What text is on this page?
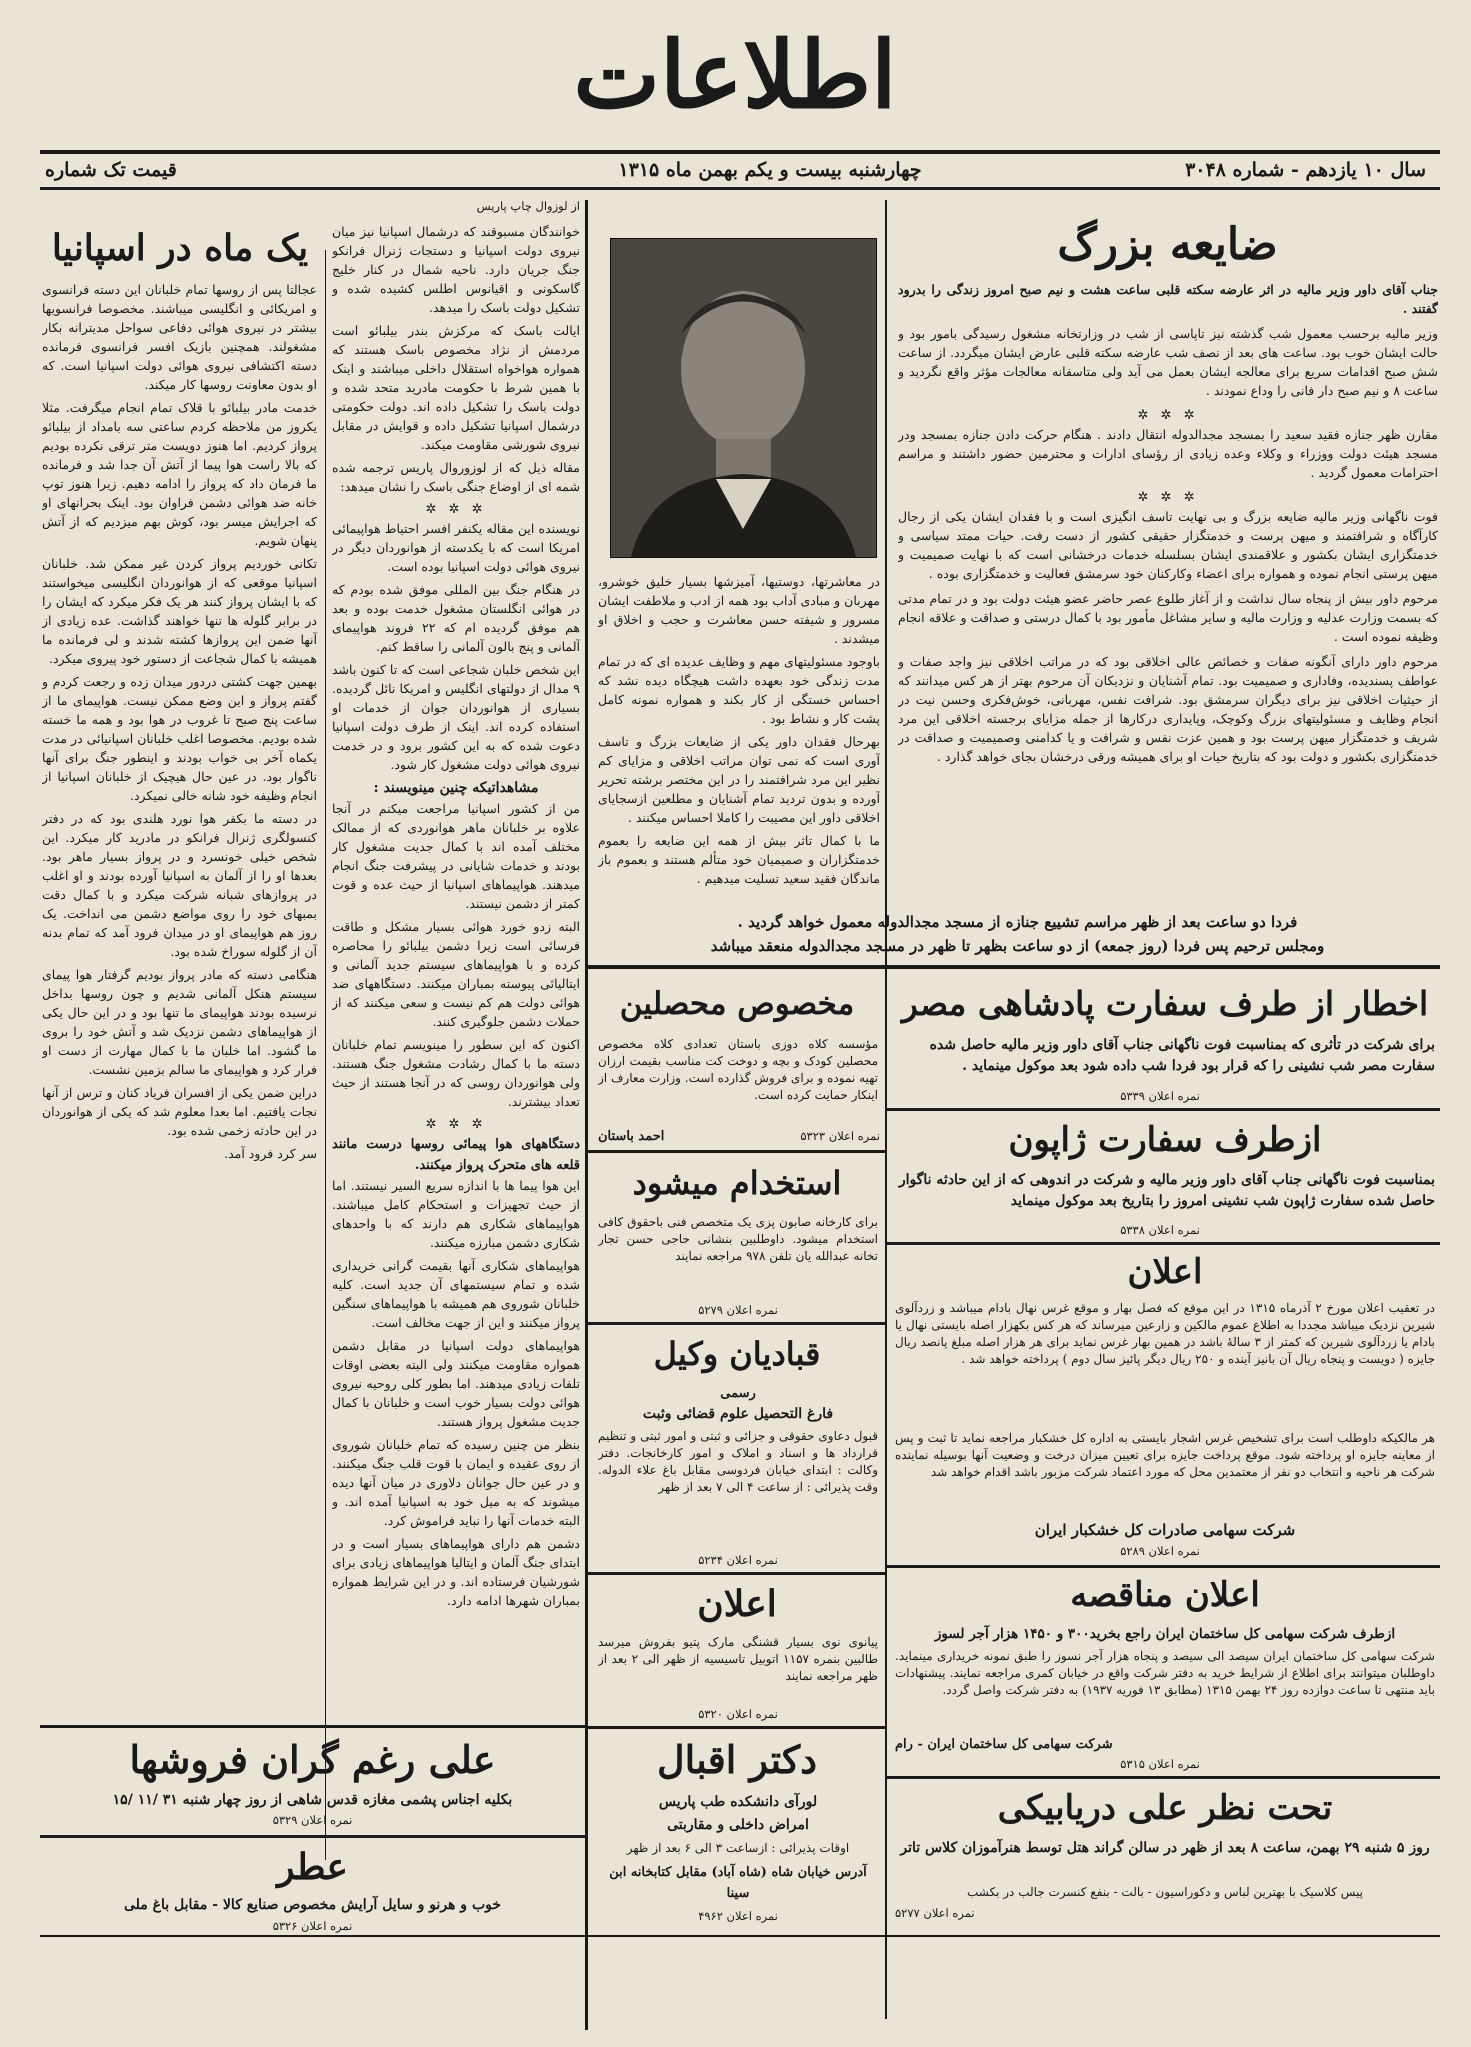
اطلاعات
سال ۱۰ یازدهم - شماره ۳۰۴۸
چهارشنبه بیست و یکم بهمن ماه ۱۳۱۵
قیمت تک شماره
از لوزوال چاپ پاریس
یک ماه در اسپانیا

عجالتا پس از روسها تمام خلبانان این دسته فرانسوی و امریکائی و انگلیسی میباشند. مخصوصا فرانسویها بیشتر در نیروی هوائی دفاعی سواحل مدیترانه بکار مشغولند. همچنین بازیک افسر فرانسوی فرمانده دسته اکتشافی نیروی هوائی دولت اسپانیا است. که او بدون معاونت روسها کار میکند.

خدمت مادر بیلبائو با قلاک تمام انجام میگرفت. مثلا یکروز من ملاحظه کردم ساعتی سه بامداد از بیلبائو پرواز کردیم. اما هنوز دویست متر ترقی نکرده بودیم که بالا راست هوا پیما از آتش آن جدا شد و فرمانده ما فرمان داد که پرواز را ادامه دهیم. زیرا هنوز توپ خانه ضد هوائی دشمن فراوان بود. اینک بحرانهای او که اجرایش میسر بود، کوش بهم میزدیم که از آتش پنهان شویم.

تکانی خوردیم پرواز کردن غیر ممکن شد. خلبانان اسپانیا موقعی که از هوانوردان انگلیسی میخواستند که با ایشان پرواز کنند هر یک فکر میکرد که ایشان را در برابر گلوله ها تنها خواهند گذاشت. عده زیادی از آنها ضمن این پروازها کشته شدند و لی فرمانده ما همیشه با کمال شجاعت از دستور خود پیروی میکرد.

بهمین جهت کشتی دردور میدان زده و رجعت کردم و گفتم پرواز و این وضع ممکن نیست. هواپیمای ما از ساعت پنج صبح تا غروب در هوا بود و همه ما خسته شده بودیم. مخصوصا اغلب خلبانان اسپانیائی در مدت یکماه آخر بی خواب بودند و اینطور جنگ برای آنها ناگوار بود. در عین حال هیچیک از خلبانان اسپانیا از انجام وظیفه خود شانه خالی نمیکرد.

در دسته ما بکفر هوا نورد هلندی بود که در دفتر کنسولگری ژنرال فرانکو در مادرید کار میکرد. این شخص خیلی خونسرد و در پرواز بسیار ماهر بود. بعدها او را از آلمان به اسپانیا آورده بودند و او اغلب در پروازهای شبانه شرکت میکرد و با کمال دقت بمبهای خود را روی مواضع دشمن می انداخت. یک روز هم هواپیمای او در میدان فرود آمد که تمام بدنه آن از گلوله سوراخ شده بود.

هنگامی دسته که مادر پرواز بودیم گرفتار هوا پیمای سیستم هنکل آلمانی شدیم و چون روسها بداخل نرسیده بودند هواپیمای ما تنها بود و در این حال یکی از هواپیماهای دشمن نزدیک شد و آتش خود را بروی ما گشود. اما خلبان ما با کمال مهارت از دست او فرار کرد و هواپیمای ما سالم بزمین نشست.

دراین ضمن یکی از افسران فریاد کنان و ترس از آنها نجات یافتیم. اما بعدا معلوم شد که یکی از هوانوردان در این حادثه زخمی شده بود.

سر کرد فرود آمد.

خوانندگان مسبوقند که درشمال اسپانیا نیز میان نیروی دولت اسپانیا و دستجات ژنرال فرانکو جنگ جریان دارد. ناحیه شمال در کنار خلیج گاسکونی و اقیانوس اطلس کشیده شده و تشکیل دولت باسک را میدهد.

ایالت باسک که مرکزش بندر بیلبائو است مردمش از نژاد مخصوص باسک هستند که همواره هواخواه استقلال داخلی میباشند و اینک با همین شرط با حکومت مادرید متحد شده و دولت باسک را تشکیل داده اند. دولت حکومتی درشمال اسپانیا تشکیل داده و قوایش در مقابل نیروی شورشی مقاومت میکند.

مقاله ذیل که از لوزوروال پاریس ترجمه شده شمه ای از اوضاع جنگی باسک را نشان میدهد:

✲ ✲ ✲

نویسنده این مقاله یکنفر افسر احتیاط هواپیمائی امریکا است که با یکدسته از هوانوردان دیگر در نیروی هوائی دولت اسپانیا بوده است.

در هنگام جنگ بین المللی موفق شده بودم که در هوائی انگلستان مشغول خدمت بوده و بعد هم موفق گردیده ام که ۲۲ فروند هواپیمای آلمانی و پنج بالون آلمانی را ساقط کنم.

این شخص خلبان شجاعی است که تا کنون باشد ۹ مدال از دولتهای انگلیس و امریکا نائل گردیده. بسیاری از هوانوردان جوان از خدمات او استفاده کرده اند. اینک از طرف دولت اسپانیا دعوت شده که به این کشور برود و در خدمت نیروی هوائی دولت مشغول کار شود.

مشاهداتیکه چنین مینویسند :

من از کشور اسپانیا مراجعت میکنم در آنجا علاوه بر خلبانان ماهر هوانوردی که از ممالک مختلف آمده اند با کمال جدیت مشغول کار بودند و خدمات شایانی در پیشرفت جنگ انجام میدهند. هواپیماهای اسپانیا از حیث عده و قوت کمتر از دشمن نیستند.

البته زدو خورد هوائی بسیار مشکل و طاقت فرسائی است زیرا دشمن بیلبائو را محاصره کرده و با هواپیماهای سیستم جدید آلمانی و ایتالیائی پیوسته بمباران میکنند. دستگاههای ضد هوائی دولت هم کم نیست و سعی میکنند که از حملات دشمن جلوگیری کنند.

اکنون که این سطور را مینویسم تمام خلبانان دسته ما با کمال رشادت مشغول جنگ هستند. ولی هوانوردان روسی که در آنجا هستند از حیث تعداد بیشترند.

✲ ✲ ✲
دستگاههای هوا پیمائی روسها درست مانند قلعه های متحرک پرواز میکنند.

این هوا پیما ها با اندازه سریع السیر نیستند. اما از حیث تجهیزات و استحکام کامل میباشند. هواپیماهای شکاری هم دارند که با واحدهای شکاری دشمن مبارزه میکنند.

هواپیماهای شکاری آنها بقیمت گرانی خریداری شده و تمام سیستمهای آن جدید است. کلیه خلبانان شوروی هم همیشه با هواپیماهای سنگین پرواز میکنند و این از جهت مخالف است.

هواپیماهای دولت اسپانیا در مقابل دشمن همواره مقاومت میکنند ولی البته بعضی اوقات تلفات زیادی میدهند. اما بطور کلی روحیه نیروی هوائی دولت بسیار خوب است و خلبانان با کمال جدیت مشغول پرواز هستند.

بنظر من چنین رسیده که تمام خلبانان شوروی از روی عقیده و ایمان با قوت قلب جنگ میکنند. و در عین حال جوانان دلاوری در میان آنها دیده میشوند که به میل خود به اسپانیا آمده اند. و البته خدمات آنها را نباید فراموش کرد.

دشمن هم دارای هواپیماهای بسیار است و در ابتدای جنگ آلمان و ایتالیا هواپیماهای زیادی برای شورشیان فرستاده اند. و در این شرایط همواره بمباران شهرها ادامه دارد.

علی رغم گران فروشها
بکلیه اجناس پشمی مغازه قدس شاهی از روز چهار شنبه ۳۱ /۱۱ /۱۵
نمره اعلان ۵۳۲۹
عطر
خوب و هرنو و سایل آرایش مخصوص صنایع کالا - مقابل باغ ملی
نمره اعلان ۵۳۲۶

در معاشرتها، دوستیها، آمیزشها بسیار خلیق خوشرو، مهربان و مبادی آداب بود همه از ادب و ملاطفت ایشان مسرور و شیفته حسن معاشرت و حجب و اخلاق او میشدند .

باوجود مسئولیتهای مهم و وظایف عدیده ای که در تمام مدت زندگی خود بعهده داشت هیچگاه دیده نشد که احساس خستگی از کار بکند و همواره نمونه کامل پشت کار و نشاط بود .

بهرحال فقدان داور یکی از ضایعات بزرگ و تاسف آوری است که نمی توان مراتب اخلاقی و مزایای کم نظیر این مرد شرافتمند را در این مختصر برشته تحریر آورده و بدون تردید تمام آشنایان و مطلعین ازسجایای اخلاقی داور این مصیبت را کاملا احساس میکنند .

ما با کمال تاثر بیش از همه این ضایعه را بعموم خدمتگزاران و صمیمیان خود متألم هستند و بعموم باز ماندگان فقید سعید تسلیت میدهیم .

ضایعه بزرگ

جناب آقای داور وزیر مالیه در اثر عارضه سکته قلبی ساعت هشت و نیم صبح امروز زندگی را بدرود گفتند .

وزیر مالیه برحسب معمول شب گذشته نیز تاپاسی از شب در وزارتخانه مشغول رسیدگی بامور بود و حالت ایشان خوب بود. ساعت های بعد از نصف شب عارضه سکته قلبی عارض ایشان میگردد. از ساعت شش صبح اقدامات سریع برای معالجه ایشان بعمل می آید ولی متاسفانه معالجات مؤثر واقع نگردید و ساعت ۸ و نیم صبح دار فانی را وداع نمودند .

✲ ✲ ✲

مقارن ظهر جنازه فقید سعید را بمسجد مجدالدوله انتقال دادند . هنگام حرکت دادن جنازه بمسجد ودر مسجد هیئت دولت ووزراء و وکلاء وعده زیادی از رؤسای ادارات و محترمین حضور داشتند و مراسم احترامات معمول گردید .

✲ ✲ ✲

فوت ناگهانی وزیر مالیه ضایعه بزرگ و بی نهایت تاسف انگیزی است و با فقدان ایشان یکی از رجال کارآگاه و شرافتمند و میهن پرست و خدمتگزار حقیقی کشور از دست رفت. حیات ممتد سیاسی و خدمتگزاری ایشان بکشور و علاقمندی ایشان بسلسله خدمات درخشانی است که با نهایت صمیمیت و میهن پرستی انجام نموده و همواره برای اعضاء وکارکنان خود سرمشق فعالیت و خدمتگزاری بوده .

مرحوم داور بیش از پنجاه سال نداشت و از آغاز طلوع عصر حاضر عضو هیئت دولت بود و در تمام مدتی که بسمت وزارت عدلیه و وزارت مالیه و سایر مشاغل مأمور بود با کمال درستی و صداقت و علاقه انجام وظیفه نموده است .

مرحوم داور دارای آنگونه صفات و خصائص عالی اخلاقی بود که در مراتب اخلاقی نیز واجد صفات و عواطف پسندیده، وفاداری و صمیمیت بود. تمام آشنایان و نزدیکان آن مرحوم بهتر از هر کس میدانند که از حیثیات اخلاقی نیز برای دیگران سرمشق بود. شرافت نفس، مهربانی، خوش‌فکری وحسن نیت در انجام وظایف و مسئولیتهای بزرگ وکوچک، وپایداری درکارها از جمله مزایای برجسته اخلاقی این مرد شریف و خدمتگزار میهن پرست بود و همین عزت نفس و شرافت و یا کدامنی وصمیمیت و صداقت در خدمتگزاری بکشور و دولت بود که بتاریخ حیات او برای همیشه ورقی درخشان بجای خواهد گذارد .

فردا دو ساعت بعد از ظهر مراسم تشییع جنازه از مسجد مجدالدوله معمول خواهد گردید .
ومجلس ترحیم پس فردا (روز جمعه) از دو ساعت بظهر تا ظهر در مسجد مجدالدوله منعقد میباشد
اخطار از طرف سفارت پادشاهی مصر
برای شرکت در تأثری که بمناسبت فوت ناگهانی جناب آقای داور وزیر مالیه حاصل شده سفارت مصر شب نشینی را که قرار بود فردا شب داده شود بعد موکول مینماید .
نمره اعلان ۵۳۳۹
ازطرف سفارت ژاپون
بمناسبت فوت ناگهانی جناب آقای داور وزیر مالیه و شرکت در اندوهی که از این حادثه ناگوار حاصل شده سفارت ژاپون شب نشینی امروز را بتاریخ بعد موکول مینماید
نمره اعلان ۵۳۳۸
اعلان
در تعقیب اعلان مورخ ۲ آذرماه ۱۳۱۵ در این موقع که فصل بهار و موقع غرس نهال بادام میباشد و زردآلوی شیرین نزدیک میباشد مجددا به اطلاع عموم مالکین و زارعین میرساند که هر کس بکهزار اصله بایستی نهال یا بادام یا زردآلوی شیرین که کمتر از ۳ سالهٔ باشد در همین بهار غرس نماید برای هر هزار اصله مبلغ پانصد ریال جایزه ( دویست و پنجاه ریال آن بانیز آینده و ۲۵۰ ریال دیگر پائیز سال دوم ) پرداخته خواهد شد .
هر مالکیکه داوطلب است برای تشخیص غرس اشجار بایستی به اداره کل خشکبار مراجعه نماید تا ثبت و پس از معاینه جایزه او پرداخته شود. موقع پرداخت جایزه برای تعیین میزان درخت و وضعیت آنها بوسیله نماینده شرکت هر ناحیه و انتخاب دو نفر از معتمدین محل که مورد اعتماد شرکت مزبور باشد اقدام خواهد شد
شرکت سهامی صادرات کل خشکبار ایران
نمره اعلان ۵۲۸۹
اعلان مناقصه
ازطرف شرکت سهامی کل ساختمان ایران راجع بخرید۳۰۰ و ۱۴۵۰ هزار آجر لسوز
شرکت سهامی کل ساختمان ایران سیصد الی سیصد و پنجاه هزار آجر نسوز را طبق نمونه خریداری مینماید. داوطلبان میتوانند برای اطلاع از شرایط خرید به دفتر شرکت واقع در خیابان کمری مراجعه نمایند. پیشنهادات باید منتهی تا ساعت دوازده روز ۲۴ بهمن ۱۳۱۵ (مطابق ۱۳ فوریه ۱۹۳۷) به دفتر شرکت واصل گردد.
شرکت سهامی کل ساختمان ایران - رام
نمره اعلان ۵۳۱۵
تحت نظر علی دریابیکی
روز ۵ شنبه ۲۹ بهمن، ساعت ۸ بعد از ظهر در سالن گراند هتل توسط هنرآموزان کلاس تاتر
پیس کلاسیک با بهترین لباس و دکوراسیون - بالت - بنفع کنسرت جالب در بکشب
نمره اعلان ۵۲۷۷
مخصوص محصلین
مؤسسه کلاه دوزی باستان تعدادی کلاه مخصوص محصلین کودک و بچه و دوخت کت مناسب بقیمت ارزان تهیه نموده و برای فروش گذارده است. وزارت معارف از اینکار حمایت کرده است.
احمد باستان	نمره اعلان ۵۳۲۳
استخدام میشود
برای کارخانه صابون پزی یک متخصص فنی باحقوق کافی استخدام میشود. داوطلبین بنشانی حاجی حسن تجار تخانه عبدالله یان تلفن ۹۷۸ مراجعه نمایند
نمره اعلان ۵۲۷۹
قبادیان وکیل
رسمی
فارغ التحصیل علوم قضائی وثبت
قبول دعاوی حقوقی و جزائی و ثبتی و امور ثبتی و تنظیم قرارداد ها و اسناد و املاک و امور کارخانجات. دفتر وکالت : ابتدای خیابان فردوسی مقابل باغ علاء الدوله. وقت پذیرائی : از ساعت ۴ الی ۷ بعد از ظهر
نمره اعلان ۵۲۳۴
اعلان
پیانوی نوی بسیار قشنگی مارک پتیو بفروش میرسد طالبین بنمره ۱۱۵۷ اتوبیل تاسیسیه از ظهر الی ۲ بعد از ظهر مراجعه نمایند
نمره اعلان ۵۳۲۰
دکتر اقبال
لورآی دانشکده طب پاریس
امراض داخلی و مقاربتی
اوقات پذیرائی : ازساعت ۳ الی ۶ بعد از ظهر
آدرس خیابان شاه (شاه آباد) مقابل کتابخانه ابن سینا
نمره اعلان ۴۹۶۲
